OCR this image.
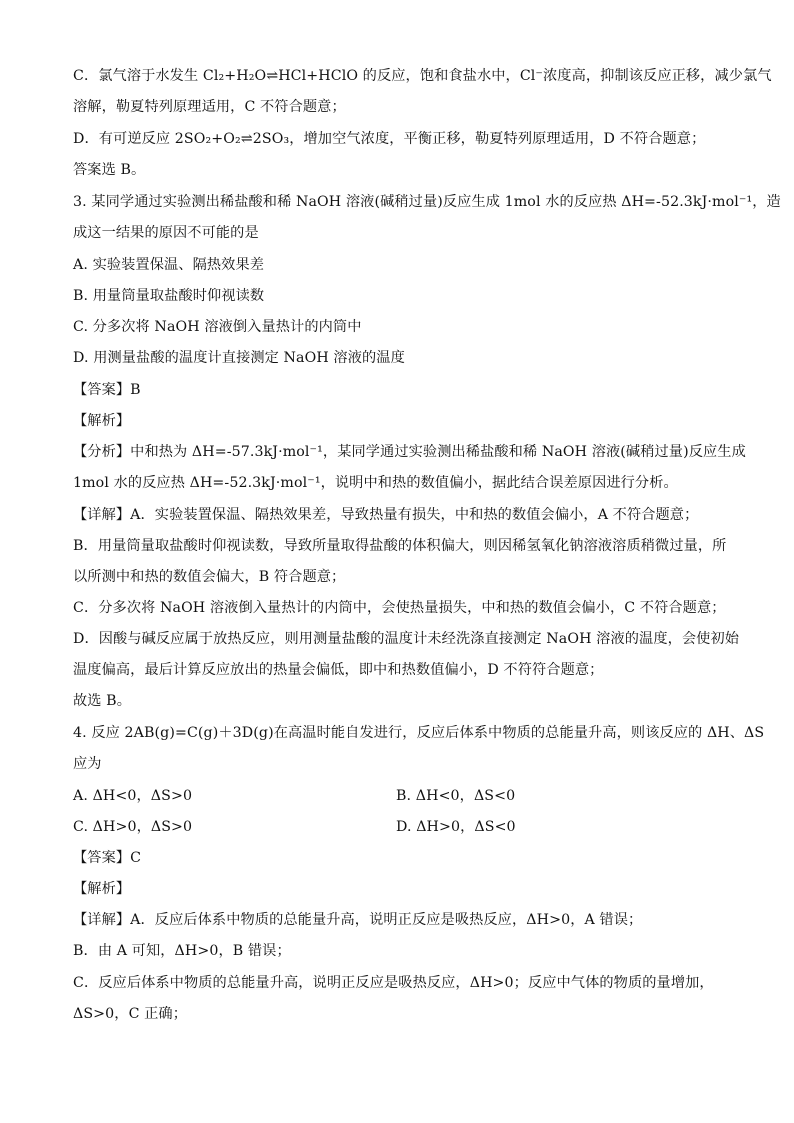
C．氯气溶于水发生 Cl₂+H₂O⇌HCl+HClO 的反应，饱和食盐水中，Cl⁻浓度高，抑制该反应正移，减少氯气
溶解，勒夏特列原理适用，C 不符合题意；
D．有可逆反应 2SO₂+O₂⇌2SO₃，增加空气浓度，平衡正移，勒夏特列原理适用，D 不符合题意；
答案选 B。
3. 某同学通过实验测出稀盐酸和稀 NaOH 溶液(碱稍过量)反应生成 1mol 水的反应热 ΔH=-52.3kJ·mol⁻¹，造
成这一结果的原因不可能的是
A. 实验装置保温、隔热效果差
B. 用量筒量取盐酸时仰视读数
C. 分多次将 NaOH 溶液倒入量热计的内筒中
D. 用测量盐酸的温度计直接测定 NaOH 溶液的温度
【答案】B
【解析】
【分析】中和热为 ΔH=-57.3kJ·mol⁻¹，某同学通过实验测出稀盐酸和稀 NaOH 溶液(碱稍过量)反应生成
1mol 水的反应热 ΔH=-52.3kJ·mol⁻¹，说明中和热的数值偏小，据此结合误差原因进行分析。
【详解】A．实验装置保温、隔热效果差，导致热量有损失，中和热的数值会偏小，A 不符合题意；
B．用量筒量取盐酸时仰视读数，导致所量取得盐酸的体积偏大，则因稀氢氧化钠溶液溶质稍微过量，所
以所测中和热的数值会偏大，B 符合题意；
C．分多次将 NaOH 溶液倒入量热计的内筒中，会使热量损失，中和热的数值会偏小，C 不符合题意；
D．因酸与碱反应属于放热反应，则用测量盐酸的温度计未经洗涤直接测定 NaOH 溶液的温度，会使初始
温度偏高，最后计算反应放出的热量会偏低，即中和热数值偏小，D 不符符合题意；
故选 B。
4. 反应 2AB(g)=C(g)＋3D(g)在高温时能自发进行，反应后体系中物质的总能量升高，则该反应的 ΔH、ΔS
应为
A. ΔH<0，ΔS>0	B. ΔH<0，ΔS<0
C. ΔH>0，ΔS>0	D. ΔH>0，ΔS<0
【答案】C
【解析】
【详解】A．反应后体系中物质的总能量升高，说明正反应是吸热反应，ΔH>0，A 错误；
B．由 A 可知，ΔH>0，B 错误；
C．反应后体系中物质的总能量升高，说明正反应是吸热反应，ΔH>0；反应中气体的物质的量增加，
ΔS>0，C 正确；
